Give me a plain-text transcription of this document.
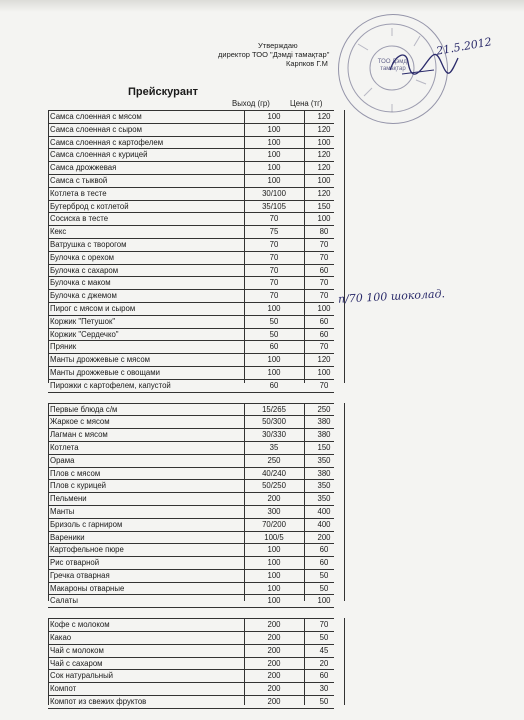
Утверждаю
директор ТОО "Дэмді тамақтар"
Карпков Г.М	ТОО Дэмді тамақтар
21.5.2012
Прейскурант
Выход (гр)	Цена (тг)
Самса слоенная с мясом	100	120
Самса слоенная с сыром	100	120
Самса слоенная с картофелем	100	100
Самса слоенная с курицей	100	120
Самса дрожжевая	100	120
Самса с тыквой	100	100
Котлета в тесте	30/100	120
Бутерброд с котлетой	35/105	150
Сосиска в тесте	70	100
Кекс	75	80
Ватрушка с творогом	70	70
Булочка с орехом	70	70
Булочка с сахаром	70	60
Булочка с маком	70	70
Булочка с джемом	70	70
Пирог с мясом и сыром	100	100
Коржик "Петушок"	50	60
Коржик "Сердечко"	50	60
Пряник	60	70
Манты дрожжевые с мясом	100	120
Манты дрожжевые с овощами	100	100
Пирожки с картофелем, капустой	60	70
Первые блюда с/м	15/265	250
Жаркое с мясом	50/300	380
Лагман с мясом	30/330	380
Котлета	35	150
Орама	250	350
Плов с мясом	40/240	380
Плов с курицей	50/250	350
Пельмени	200	350
Манты	300	400
Бризоль с гарниром	70/200	400
Вареники	100/5	200
Картофельное пюре	100	60
Рис отварной	100	60
Гречка отварная	100	50
Макароны отварные	100	50
Салаты	100	100
Кофе с молоком	200	70
Какао	200	50
Чай с молоком	200	45
Чай с сахаром	200	20
Сок натуральный	200	60
Компот	200	30
Компот из свежих фруктов	200	50
п/70 100 шоколад.
